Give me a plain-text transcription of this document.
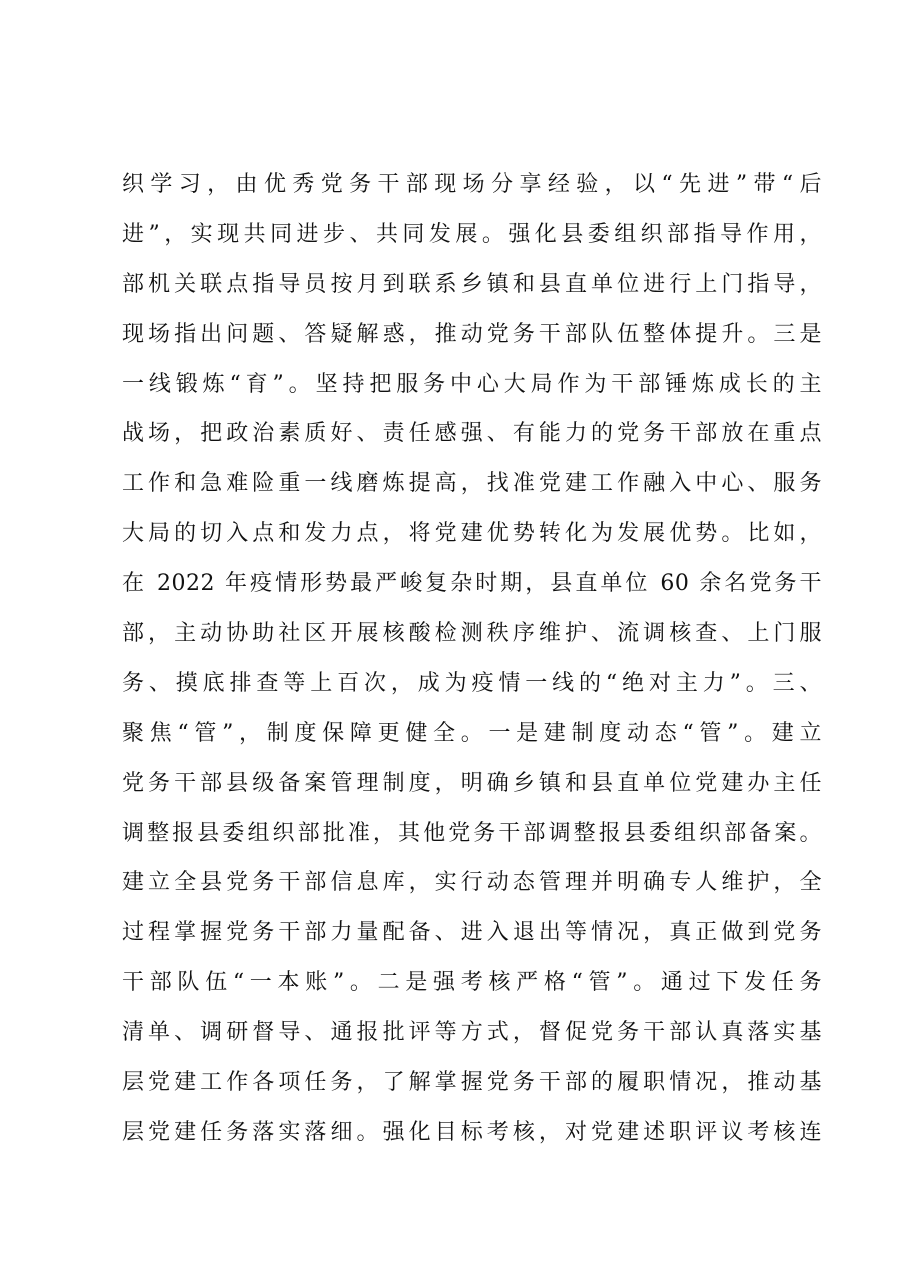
织学习，由优秀党务干部现场分享经验，以“先进”带“后
进”，实现共同进步、共同发展。强化县委组织部指导作用，
部机关联点指导员按月到联系乡镇和县直单位进行上门指导，
现场指出问题、答疑解惑，推动党务干部队伍整体提升。三是
一线锻炼“育”。坚持把服务中心大局作为干部锤炼成长的主
战场，把政治素质好、责任感强、有能力的党务干部放在重点
工作和急难险重一线磨炼提高，找准党建工作融入中心、服务
大局的切入点和发力点，将党建优势转化为发展优势。比如，
在 2022 年疫情形势最严峻复杂时期，县直单位 60 余名党务干
部，主动协助社区开展核酸检测秩序维护、流调核查、上门服
务、摸底排查等上百次，成为疫情一线的“绝对主力”。三、
聚焦“管”，制度保障更健全。一是建制度动态“管”。建立
党务干部县级备案管理制度，明确乡镇和县直单位党建办主任
调整报县委组织部批准，其他党务干部调整报县委组织部备案。
建立全县党务干部信息库，实行动态管理并明确专人维护，全
过程掌握党务干部力量配备、进入退出等情况，真正做到党务
干部队伍“一本账”。二是强考核严格“管”。通过下发任务
清单、调研督导、通报批评等方式，督促党务干部认真落实基
层党建工作各项任务，了解掌握党务干部的履职情况，推动基
层党建任务落实落细。强化目标考核，对党建述职评议考核连
